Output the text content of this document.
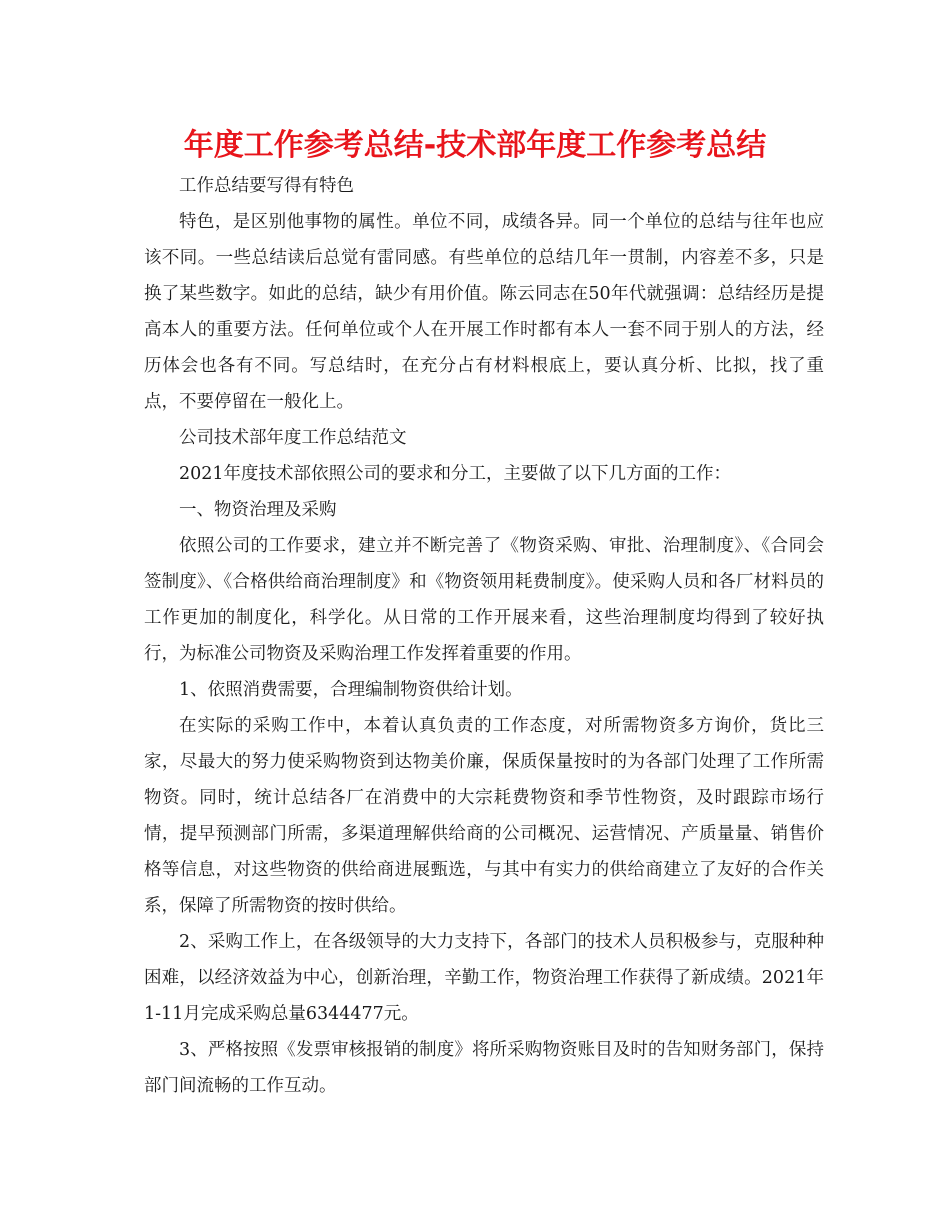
年度工作参考总结-技术部年度工作参考总结

工作总结要写得有特色

特色，是区别他事物的属性。单位不同，成绩各异。同一个单位的总结与往年也应该不同。一些总结读后总觉有雷同感。有些单位的总结几年一贯制，内容差不多，只是换了某些数字。如此的总结，缺少有用价值。陈云同志在50年代就强调：总结经历是提高本人的重要方法。任何单位或个人在开展工作时都有本人一套不同于别人的方法，经历体会也各有不同。写总结时，在充分占有材料根底上，要认真分析、比拟，找了重点，不要停留在一般化上。

公司技术部年度工作总结范文

2021年度技术部依照公司的要求和分工，主要做了以下几方面的工作：

一、物资治理及采购

依照公司的工作要求，建立并不断完善了《物资采购、审批、治理制度》、《合同会签制度》、《合格供给商治理制度》和《物资领用耗费制度》。使采购人员和各厂材料员的工作更加的制度化，科学化。从日常的工作开展来看，这些治理制度均得到了较好执行，为标准公司物资及采购治理工作发挥着重要的作用。

1、依照消费需要，合理编制物资供给计划。

在实际的采购工作中，本着认真负责的工作态度，对所需物资多方询价，货比三家，尽最大的努力使采购物资到达物美价廉，保质保量按时的为各部门处理了工作所需物资。同时，统计总结各厂在消费中的大宗耗费物资和季节性物资，及时跟踪市场行情，提早预测部门所需，多渠道理解供给商的公司概况、运营情况、产质量量、销售价格等信息，对这些物资的供给商进展甄选，与其中有实力的供给商建立了友好的合作关系，保障了所需物资的按时供给。

2、采购工作上，在各级领导的大力支持下，各部门的技术人员积极参与，克服种种困难，以经济效益为中心，创新治理，辛勤工作，物资治理工作获得了新成绩。2021年1-11月完成采购总量6344477元。

3、严格按照《发票审核报销的制度》将所采购物资账目及时的告知财务部门，保持部门间流畅的工作互动。
